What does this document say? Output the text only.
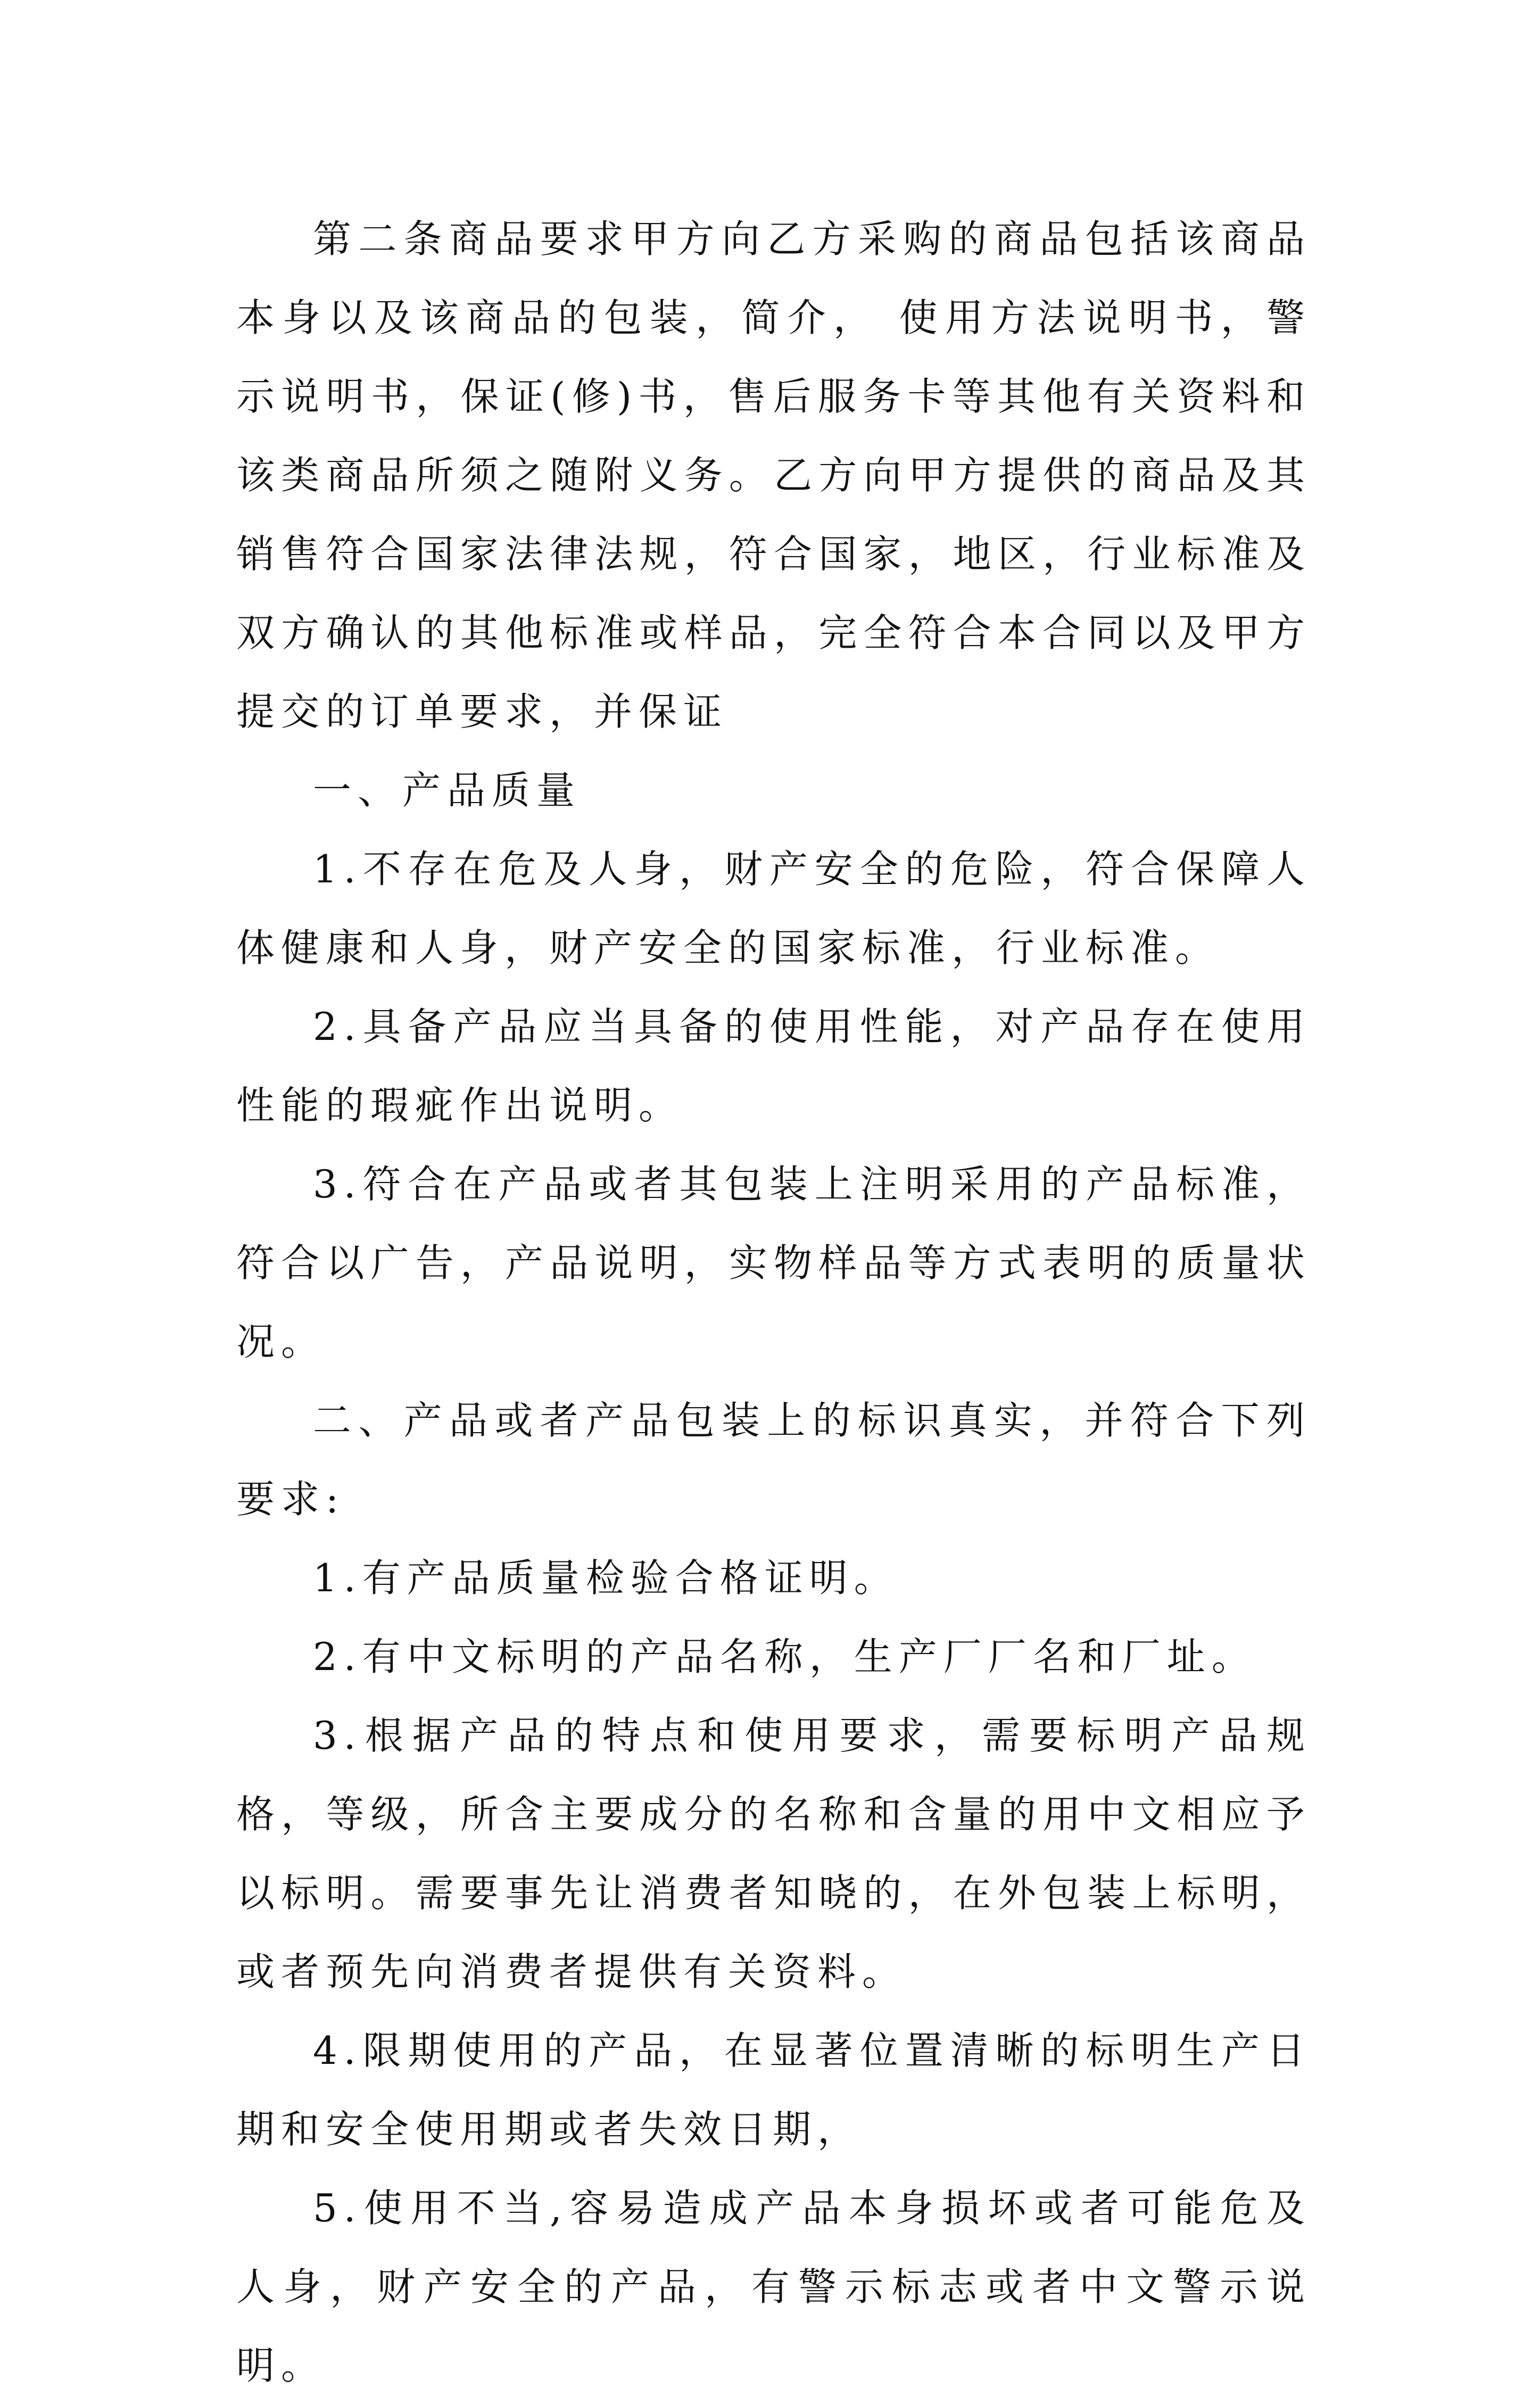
第二条商品要求甲方向乙方采购的商品包括该商品本身以及该商品的包装，简介， 使用方法说明书，警示说明书，保证(修)书，售后服务卡等其他有关资料和该类商品所须之随附义务。乙方向甲方提供的商品及其销售符合国家法律法规，符合国家，地区，行业标准及双方确认的其他标准或样品，完全符合本合同以及甲方提交的订单要求，并保证

一、产品质量

1.不存在危及人身，财产安全的危险，符合保障人体健康和人身，财产安全的国家标准，行业标准。

2.具备产品应当具备的使用性能，对产品存在使用性能的瑕疵作出说明。

3.符合在产品或者其包装上注明采用的产品标准，符合以广告，产品说明，实物样品等方式表明的质量状况。

二、产品或者产品包装上的标识真实，并符合下列要求:

1.有产品质量检验合格证明。

2.有中文标明的产品名称，生产厂厂名和厂址。

3.根据产品的特点和使用要求，需要标明产品规格，等级，所含主要成分的名称和含量的用中文相应予以标明。需要事先让消费者知晓的，在外包装上标明，或者预先向消费者提供有关资料。

4.限期使用的产品，在显著位置清晰的标明生产日期和安全使用期或者失效日期，

5.使用不当,容易造成产品本身损坏或者可能危及人身，财产安全的产品，有警示标志或者中文警示说明。
